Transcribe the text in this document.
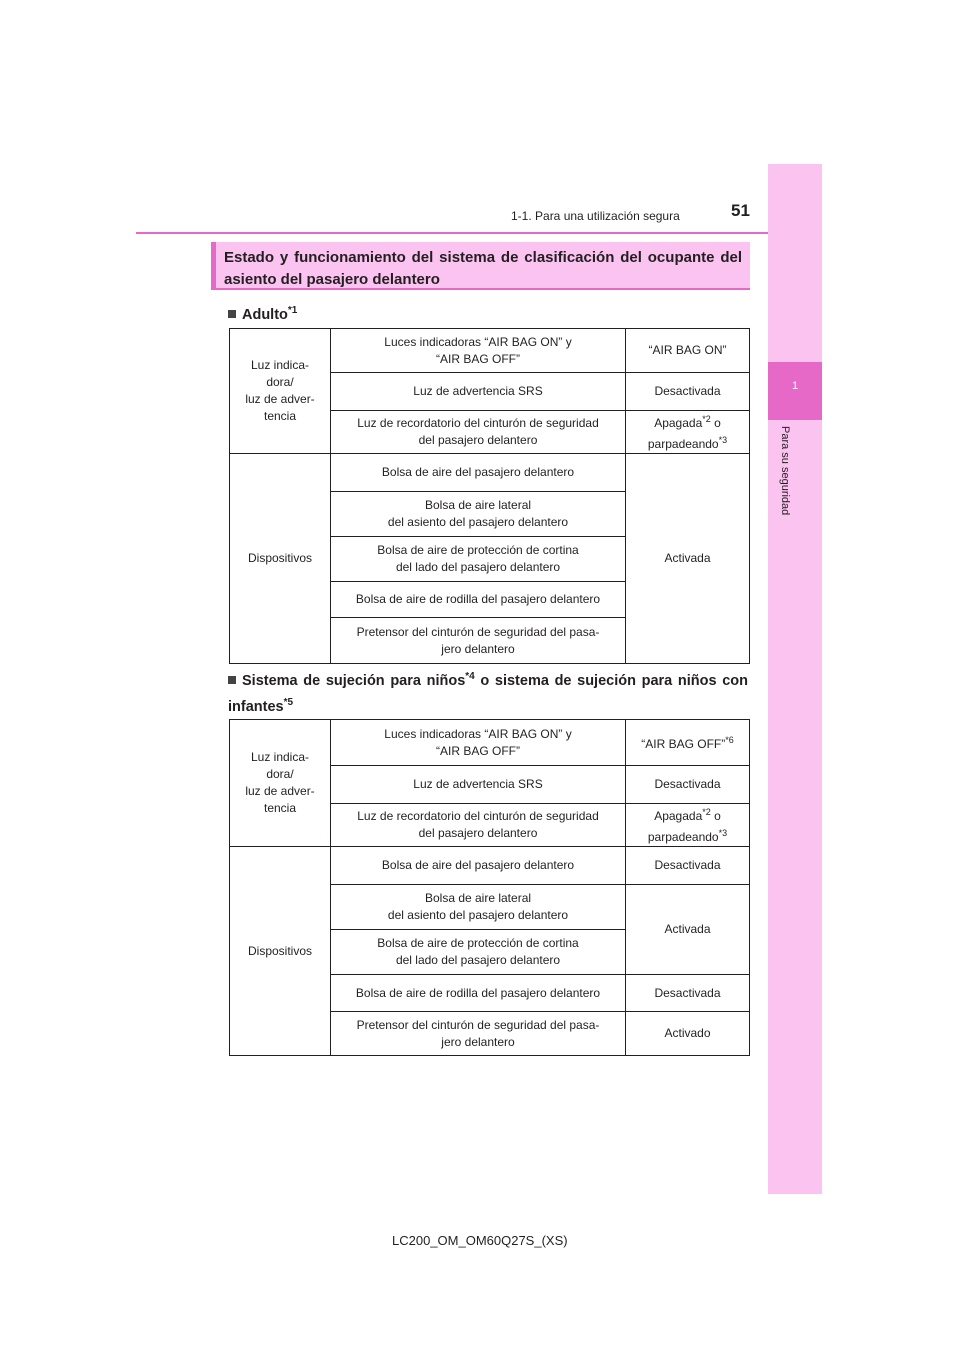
1-1. Para una utilización segura	51
1
Para su seguridad
Estado y funcionamiento del sistema de clasificación del ocupante del asiento del pasajero delantero
Adulto$^{*1}$
Luz indica-
dora/
luz de adver-
tencia	Luces indicadoras “AIR BAG ON” y
“AIR BAG OFF”	“AIR BAG ON”
	Luz de advertencia SRS	Desactivada
	Luz de recordatorio del cinturón de seguridad
del pasajero delantero	Apagada$^{*2}$ o
parpadeando$^{*3}$
Dispositivos	Bolsa de aire del pasajero delantero	Activada
	Bolsa de aire lateral
del asiento del pasajero delantero	
	Bolsa de aire de protección de cortina
del lado del pasajero delantero	
	Bolsa de aire de rodilla del pasajero delantero	
	Pretensor del cinturón de seguridad del pasa-
jero delantero	
Sistema de sujeción para niños$^{*4}$ o sistema de sujeción para niños con infantes$^{*5}$
Luz indica-
dora/
luz de adver-
tencia	Luces indicadoras “AIR BAG ON” y
“AIR BAG OFF”	“AIR BAG OFF”$^{*6}$
	Luz de advertencia SRS	Desactivada
	Luz de recordatorio del cinturón de seguridad
del pasajero delantero	Apagada$^{*2}$ o
parpadeando$^{*3}$
Dispositivos	Bolsa de aire del pasajero delantero	Desactivada
	Bolsa de aire lateral
del asiento del pasajero delantero	Activada
	Bolsa de aire de protección de cortina
del lado del pasajero delantero	
	Bolsa de aire de rodilla del pasajero delantero	Desactivada
	Pretensor del cinturón de seguridad del pasa-
jero delantero	Activado
LC200_OM_OM60Q27S_(XS)
